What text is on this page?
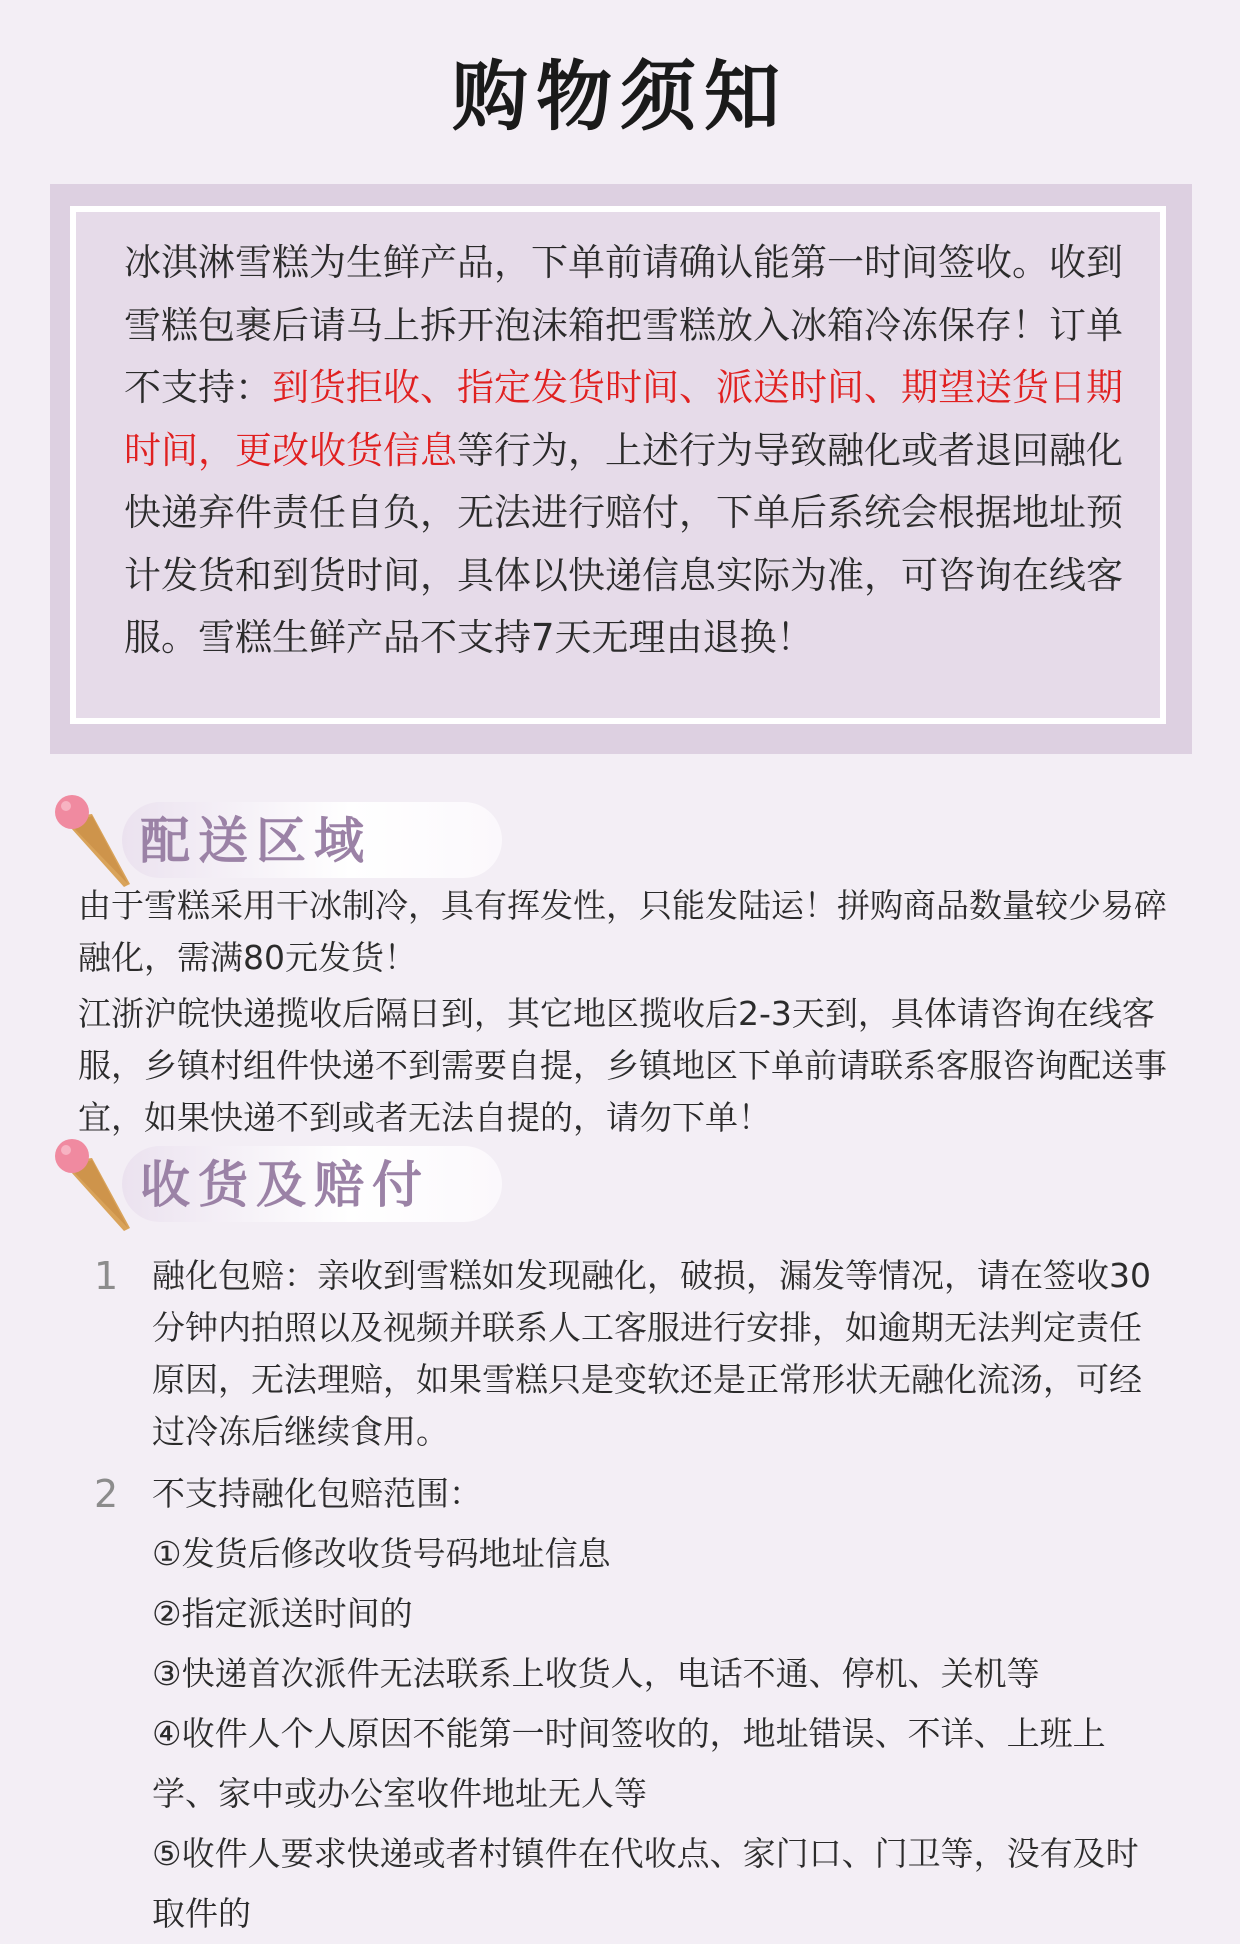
购物须知

冰淇淋雪糕为生鲜产品，下单前请确认能第一时间签收。收到雪糕包裹后请马上拆开泡沫箱把雪糕放入冰箱冷冻保存！订单不支持：到货拒收、指定发货时间、派送时间、期望送货日期时间，更改收货信息等行为，上述行为导致融化或者退回融化快递弃件责任自负，无法进行赔付，下单后系统会根据地址预计发货和到货时间，具体以快递信息实际为准，可咨询在线客服。雪糕生鲜产品不支持7天无理由退换！

配送区域

由于雪糕采用干冰制冷，具有挥发性，只能发陆运！拼购商品数量较少易碎融化，需满80元发货！

江浙沪皖快递揽收后隔日到，其它地区揽收后2-3天到，具体请咨询在线客服，乡镇村组件快递不到需要自提，乡镇地区下单前请联系客服咨询配送事宜，如果快递不到或者无法自提的，请勿下单！

收货及赔付
1 融化包赔：亲收到雪糕如发现融化，破损，漏发等情况，请在签收30分钟内拍照以及视频并联系人工客服进行安排，如逾期无法判定责任原因，无法理赔，如果雪糕只是变软还是正常形状无融化流汤，可经过冷冻后继续食用。

2 不支持融化包赔范围：

①发货后修改收货号码地址信息

②指定派送时间的

③快递首次派件无法联系上收货人，电话不通、停机、关机等

④收件人个人原因不能第一时间签收的，地址错误、不详、上班上学、家中或办公室收件地址无人等

⑤收件人要求快递或者村镇件在代收点、家门口、门卫等，没有及时取件的
